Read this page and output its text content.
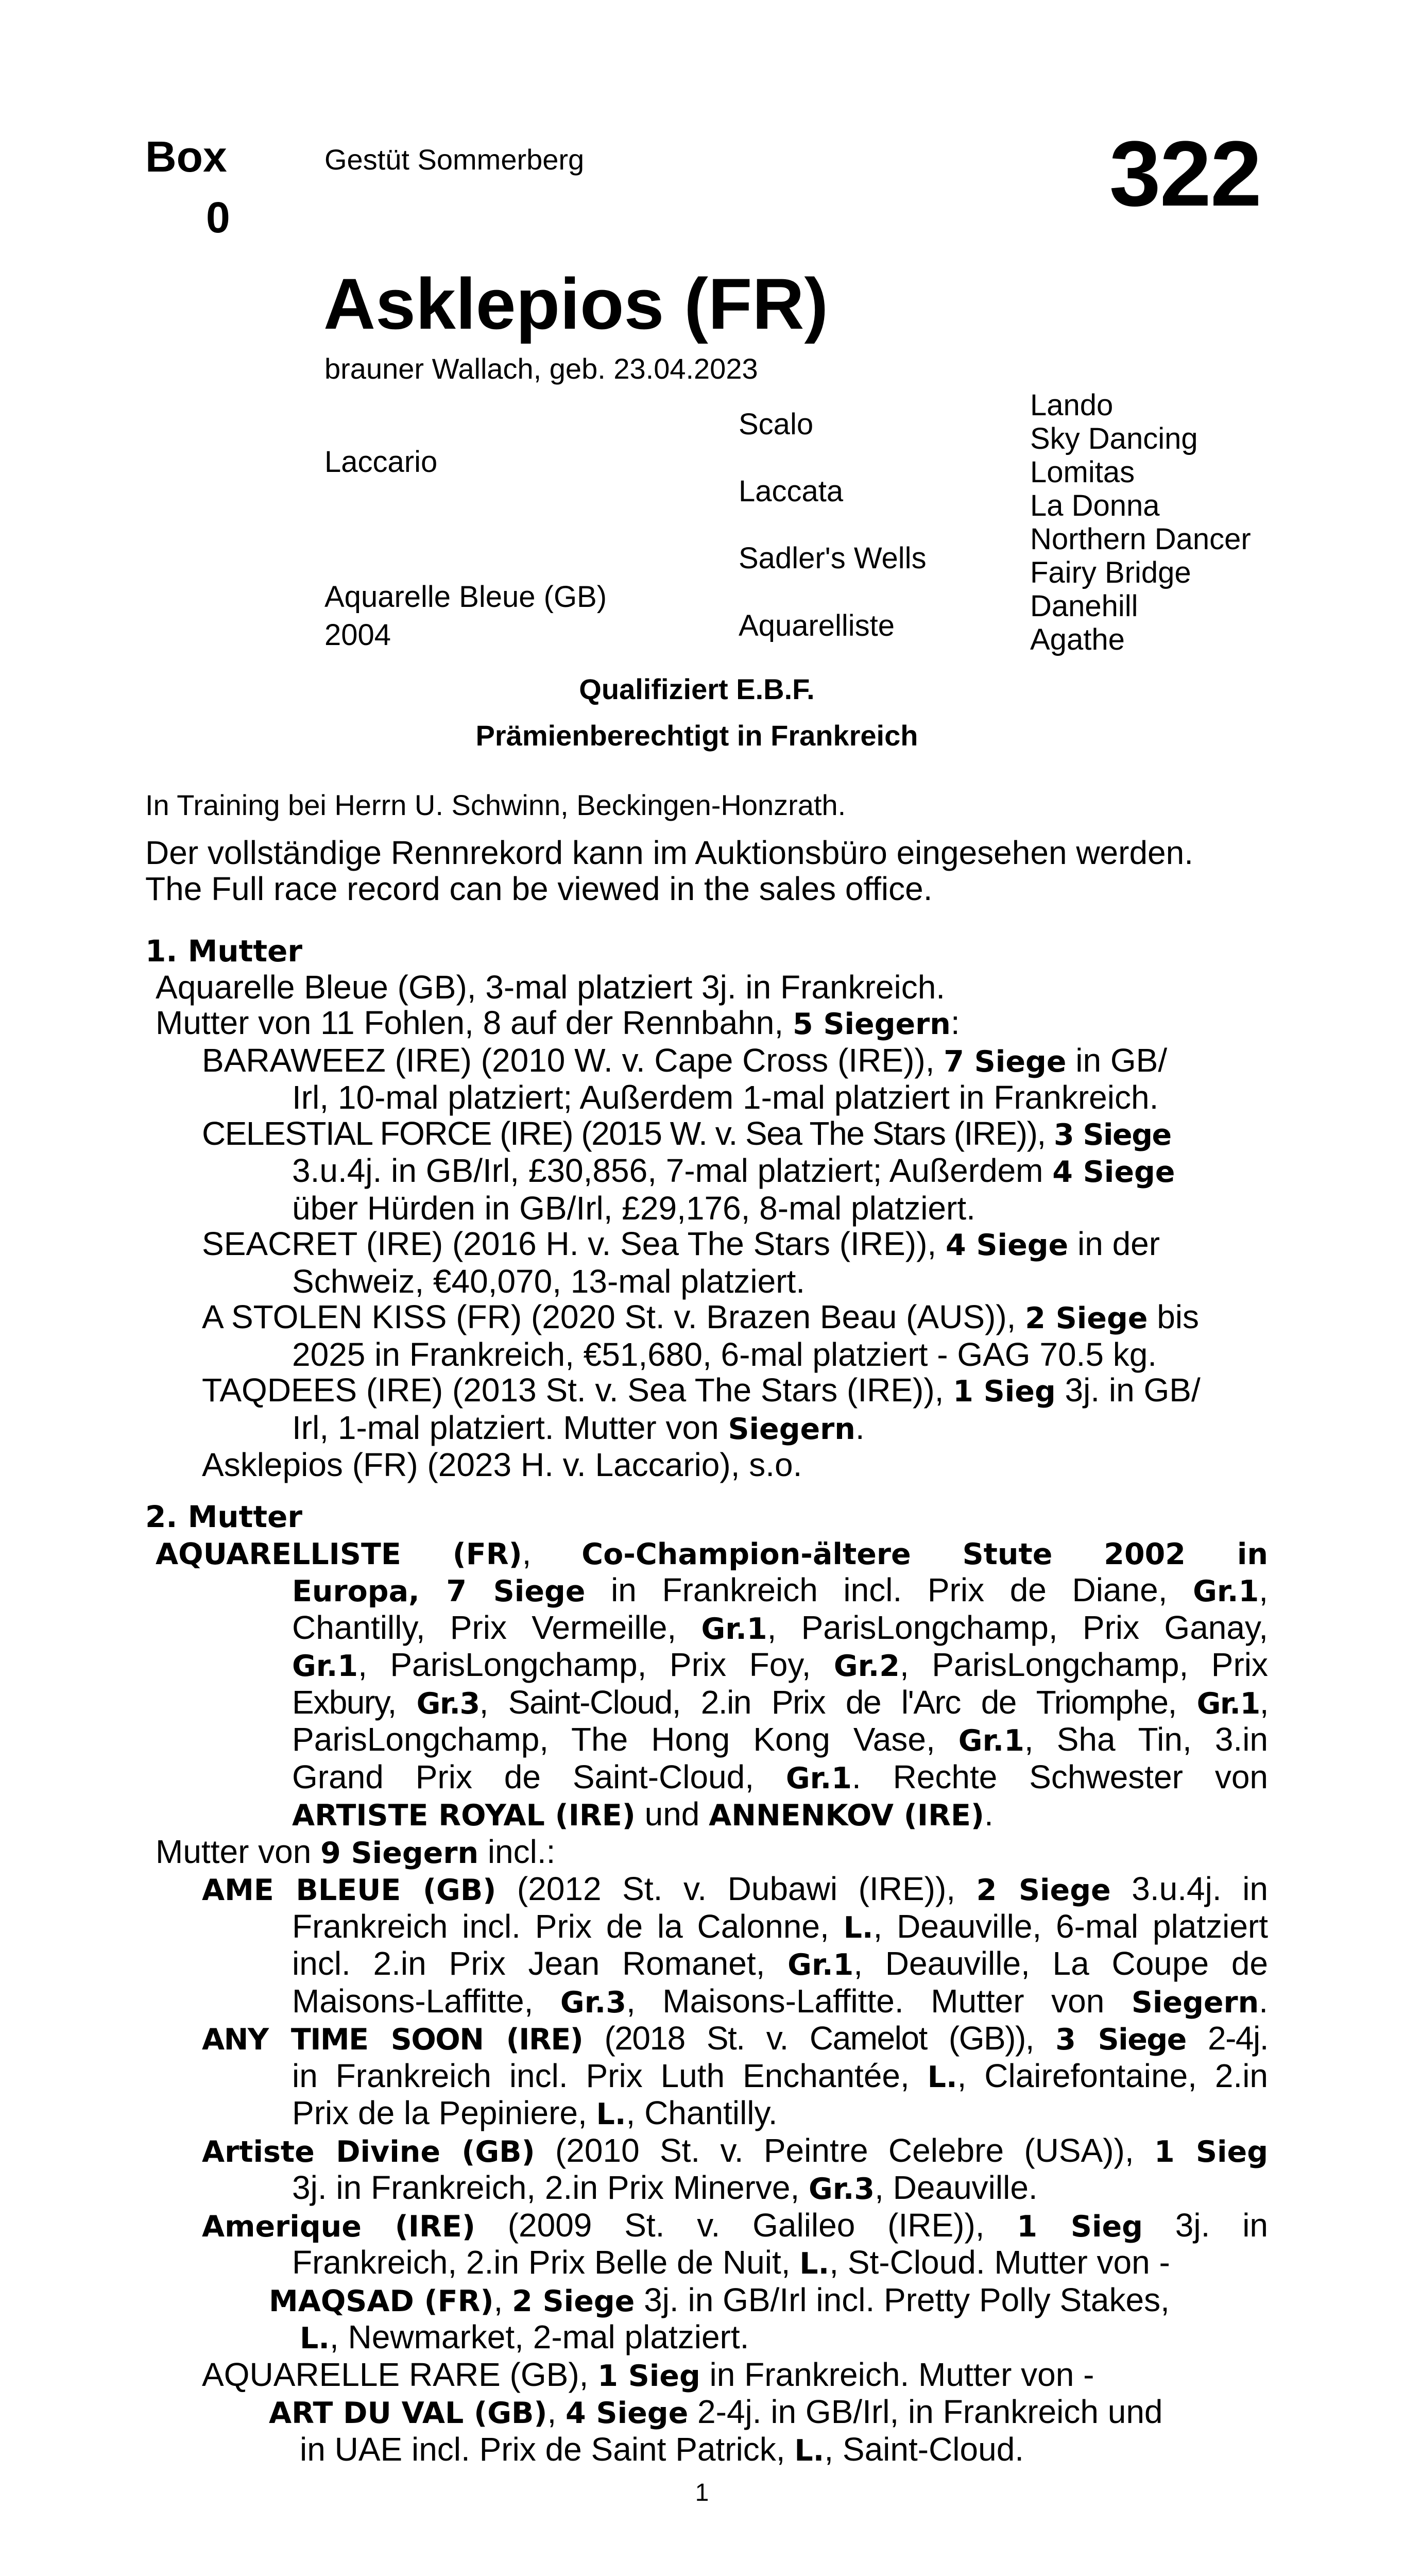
Box
0
Gestüt Sommerberg	322
Asklepios (FR)
brauner Wallach, geb. 23.04.2023
Laccario
Aquarelle Bleue (GB)
2004
Scalo
Laccata
Sadler's Wells
Aquarelliste
Lando
Sky Dancing
Lomitas
La Donna
Northern Dancer
Fairy Bridge
Danehill
Agathe
Qualifiziert E.B.F.
Prämienberechtigt in Frankreich
In Training bei Herrn U. Schwinn, Beckingen-Honzrath.
Der vollständige Rennrekord kann im Auktionsbüro eingesehen werden.
The Full race record can be viewed in the sales office.
1. Mutter
Aquarelle Bleue (GB), 3-mal platziert 3j. in Frankreich.
Mutter von 11 Fohlen, 8 auf der Rennbahn, 5 Siegern:
BARAWEEZ (IRE) (2010 W. v. Cape Cross (IRE)), 7 Siege in GB/
Irl, 10-mal platziert; Außerdem 1-mal platziert in Frankreich.
CELESTIAL FORCE (IRE) (2015 W. v. Sea The Stars (IRE)), 3 Siege
3.u.4j. in GB/Irl, £30,856, 7-mal platziert; Außerdem 4 Siege
über Hürden in GB/Irl, £29,176, 8-mal platziert.
SEACRET (IRE) (2016 H. v. Sea The Stars (IRE)), 4 Siege in der
Schweiz, €40,070, 13-mal platziert.
A STOLEN KISS (FR) (2020 St. v. Brazen Beau (AUS)), 2 Siege bis
2025 in Frankreich, €51,680, 6-mal platziert - GAG 70.5 kg.
TAQDEES (IRE) (2013 St. v. Sea The Stars (IRE)), 1 Sieg 3j. in GB/
Irl, 1-mal platziert. Mutter von Siegern.
Asklepios (FR) (2023 H. v. Laccario), s.o.
2. Mutter
AQUARELLISTE (FR), Co-Champion-ältere Stute 2002 in
Europa, 7 Siege in Frankreich incl. Prix de Diane, Gr.1,
Chantilly, Prix Vermeille, Gr.1, ParisLongchamp, Prix Ganay,
Gr.1, ParisLongchamp, Prix Foy, Gr.2, ParisLongchamp, Prix
Exbury, Gr.3, Saint-Cloud, 2.in Prix de l'Arc de Triomphe, Gr.1,
ParisLongchamp, The Hong Kong Vase, Gr.1, Sha Tin, 3.in
Grand Prix de Saint-Cloud, Gr.1. Rechte Schwester von
ARTISTE ROYAL (IRE) und ANNENKOV (IRE).
Mutter von 9 Siegern incl.:
AME BLEUE (GB) (2012 St. v. Dubawi (IRE)), 2 Siege 3.u.4j. in
Frankreich incl. Prix de la Calonne, L., Deauville, 6-mal platziert
incl. 2.in Prix Jean Romanet, Gr.1, Deauville, La Coupe de
Maisons-Laffitte, Gr.3, Maisons-Laffitte. Mutter von Siegern.
ANY TIME SOON (IRE) (2018 St. v. Camelot (GB)), 3 Siege 2-4j.
in Frankreich incl. Prix Luth Enchantée, L., Clairefontaine, 2.in
Prix de la Pepiniere, L., Chantilly.
Artiste Divine (GB) (2010 St. v. Peintre Celebre (USA)), 1 Sieg
3j. in Frankreich, 2.in Prix Minerve, Gr.3, Deauville.
Amerique (IRE) (2009 St. v. Galileo (IRE)), 1 Sieg 3j. in
Frankreich, 2.in Prix Belle de Nuit, L., St-Cloud. Mutter von -
MAQSAD (FR), 2 Siege 3j. in GB/Irl incl. Pretty Polly Stakes,
L., Newmarket, 2-mal platziert.
AQUARELLE RARE (GB), 1 Sieg in Frankreich. Mutter von -
ART DU VAL (GB), 4 Siege 2-4j. in GB/Irl, in Frankreich und
in UAE incl. Prix de Saint Patrick, L., Saint-Cloud.
1
